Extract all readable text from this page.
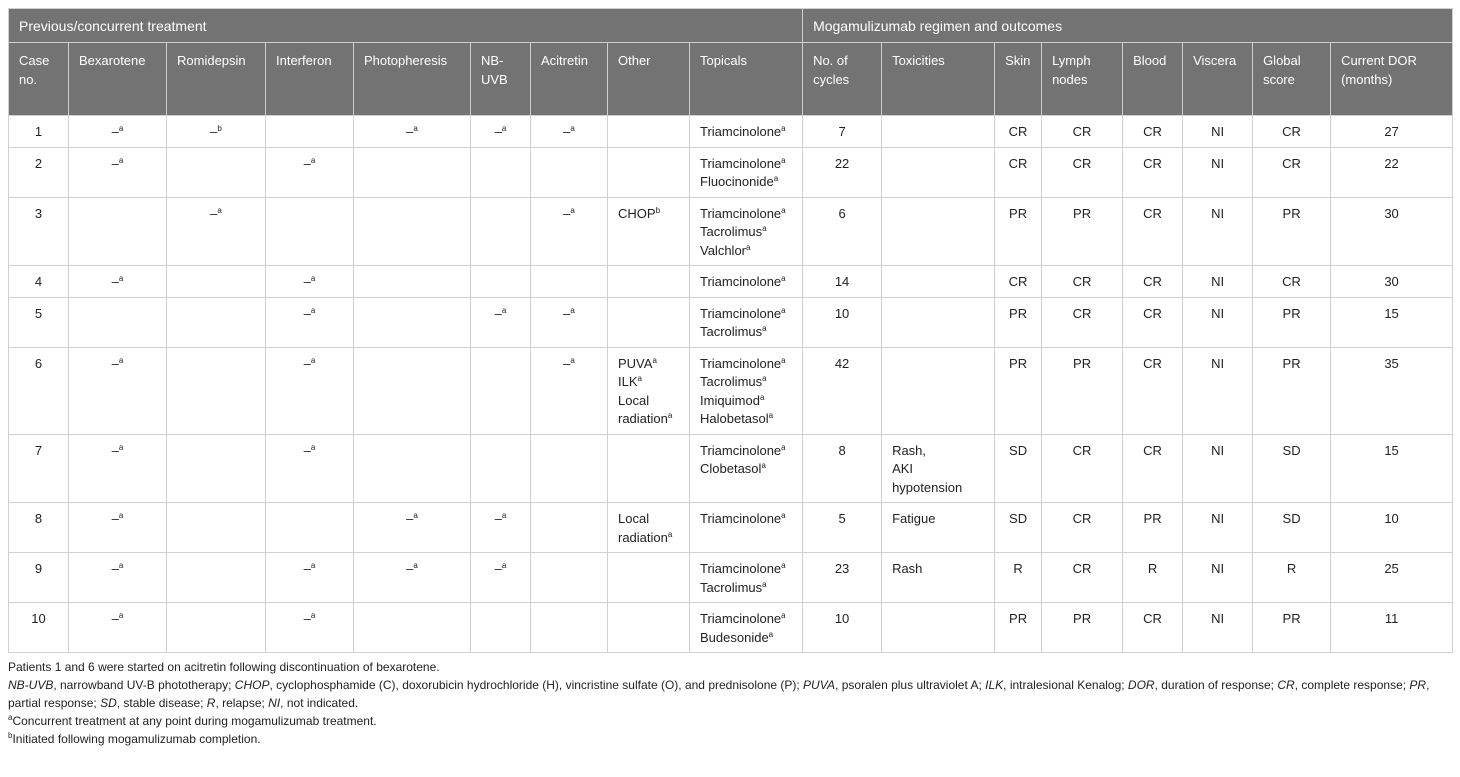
Previous/concurrent treatment									Mogamulizumab regimen and outcomes							
Case no.	Bexarotene	Romidepsin	Interferon	Photopheresis	NB-UVB	Acitretin	Other	Topicals	No. of cycles	Toxicities	Skin	Lymph nodes	Blood	Viscera	Global score	Current DOR (months)
1	–$^a$	–$^b$		–$^a$	–$^a$	–$^a$		Triamcinolone$^a$	7		CR	CR	CR	NI	CR	27
2	–$^a$		–$^a$					Triamcinolone$^a$
Fluocinonide$^a$	22		CR	CR	CR	NI	CR	22
3		–$^a$				–$^a$	CHOP$^b$	Triamcinolone$^a$
Tacrolimus$^a$
Valchlor$^a$	6		PR	PR	CR	NI	PR	30
4	–$^a$		–$^a$					Triamcinolone$^a$	14		CR	CR	CR	NI	CR	30
5			–$^a$		–$^a$	–$^a$		Triamcinolone$^a$
Tacrolimus$^a$	10		PR	CR	CR	NI	PR	15
6	–$^a$		–$^a$			–$^a$	PUVA$^a$
ILK$^a$
Local
radiation$^a$	Triamcinolone$^a$
Tacrolimus$^a$
Imiquimod$^a$
Halobetasol$^a$	42		PR	PR	CR	NI	PR	35
7	–$^a$		–$^a$					Triamcinolone$^a$
Clobetasol$^a$	8	Rash,
AKI
hypotension	SD	CR	CR	NI	SD	15
8	–$^a$			–$^a$	–$^a$		Local
radiation$^a$	Triamcinolone$^a$	5	Fatigue	SD	CR	PR	NI	SD	10
9	–$^a$		–$^a$	–$^a$	–$^a$			Triamcinolone$^a$
Tacrolimus$^a$	23	Rash	R	CR	R	NI	R	25
10	–$^a$		–$^a$					Triamcinolone$^a$
Budesonide$^a$	10		PR	PR	CR	NI	PR	11
Patients 1 and 6 were started on acitretin following discontinuation of bexarotene.
NB-UVB, narrowband UV-B phototherapy; CHOP, cyclophosphamide (C), doxorubicin hydrochloride (H), vincristine sulfate (O), and prednisolone (P); PUVA, psoralen plus ultraviolet A; ILK, intralesional Kenalog; DOR, duration of response; CR, complete response; PR, partial response; SD, stable disease; R, relapse; NI, not indicated.
$^a$Concurrent treatment at any point during mogamulizumab treatment.
$^b$Initiated following mogamulizumab completion.
